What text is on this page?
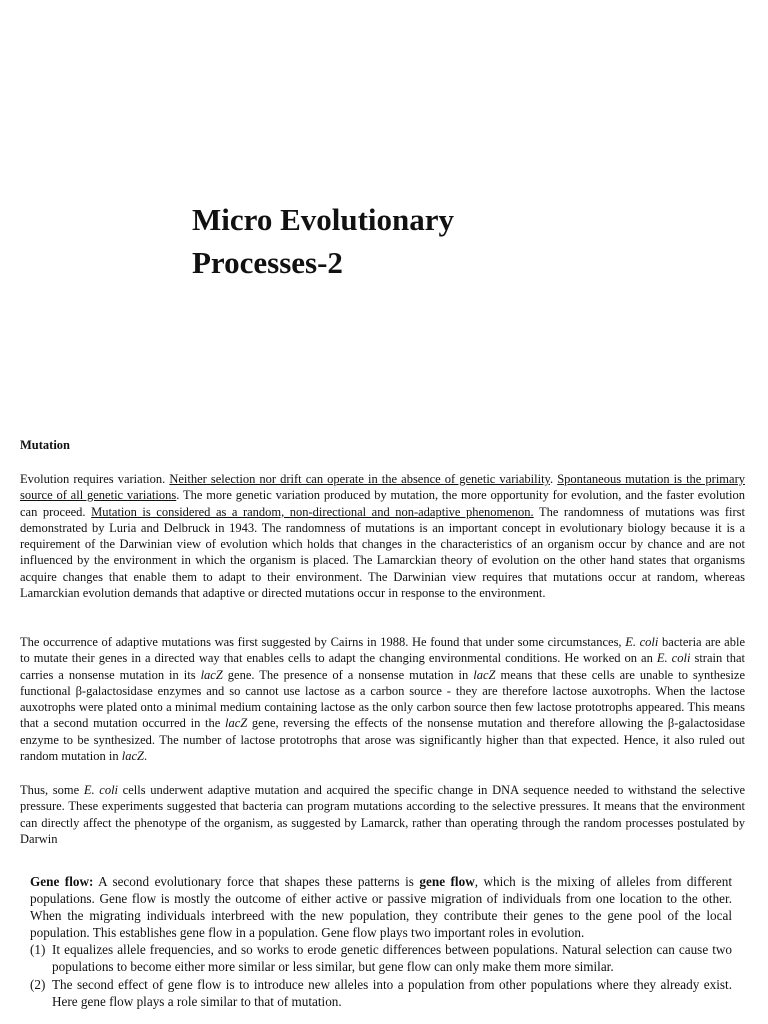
Micro Evolutionary
Processes-2
Mutation

Evolution requires variation. Neither selection nor drift can operate in the absence of genetic variability. Spontaneous mutation is the primary source of all genetic variations. The more genetic variation produced by mutation, the more opportunity for evolution, and the faster evolution can proceed. Mutation is considered as a random, non-directional and non-adaptive phenomenon. The randomness of mutations was first demonstrated by Luria and Delbruck in 1943. The randomness of mutations is an important concept in evolutionary biology because it is a requirement of the Darwinian view of evolution which holds that changes in the characteristics of an organism occur by chance and are not influenced by the environment in which the organism is placed. The Lamarckian theory of evolution on the other hand states that organisms acquire changes that enable them to adapt to their environment. The Darwinian view requires that mutations occur at random, whereas Lamarckian evolution demands that adaptive or directed mutations occur in response to the environment.

The occurrence of adaptive mutations was first suggested by Cairns in 1988. He found that under some circumstances, E. coli bacteria are able to mutate their genes in a directed way that enables cells to adapt the changing environmental conditions. He worked on an E. coli strain that carries a nonsense mutation in its lacZ gene. The presence of a nonsense mutation in lacZ means that these cells are unable to synthesize functional β-galactosidase enzymes and so cannot use lactose as a carbon source - they are therefore lactose auxotrophs. When the lactose auxotrophs were plated onto a minimal medium containing lactose as the only carbon source then few lactose prototrophs appeared. This means that a second mutation occurred in the lacZ gene, reversing the effects of the nonsense mutation and therefore allowing the β-galactosidase enzyme to be synthesized. The number of lactose prototrophs that arose was significantly higher than that expected. Hence, it also ruled out random mutation in lacZ.

Thus, some E. coli cells underwent adaptive mutation and acquired the specific change in DNA sequence needed to withstand the selective pressure. These experiments suggested that bacteria can program mutations according to the selective pressures. It means that the environment can directly affect the phenotype of the organism, as suggested by Lamarck, rather than operating through the random processes postulated by Darwin

Gene flow: A second evolutionary force that shapes these patterns is gene flow, which is the mixing of alleles from different populations. Gene flow is mostly the outcome of either active or passive migration of individuals from one location to the other. When the migrating individuals interbreed with the new population, they contribute their genes to the gene pool of the local population. This establishes gene flow in a population. Gene flow plays two important roles in evolution.

(1) It equalizes allele frequencies, and so works to erode genetic differences between populations. Natural selection can cause two populations to become either more similar or less similar, but gene flow can only make them more similar.
(2) The second effect of gene flow is to introduce new alleles into a population from other populations where they already exist. Here gene flow plays a role similar to that of mutation.
